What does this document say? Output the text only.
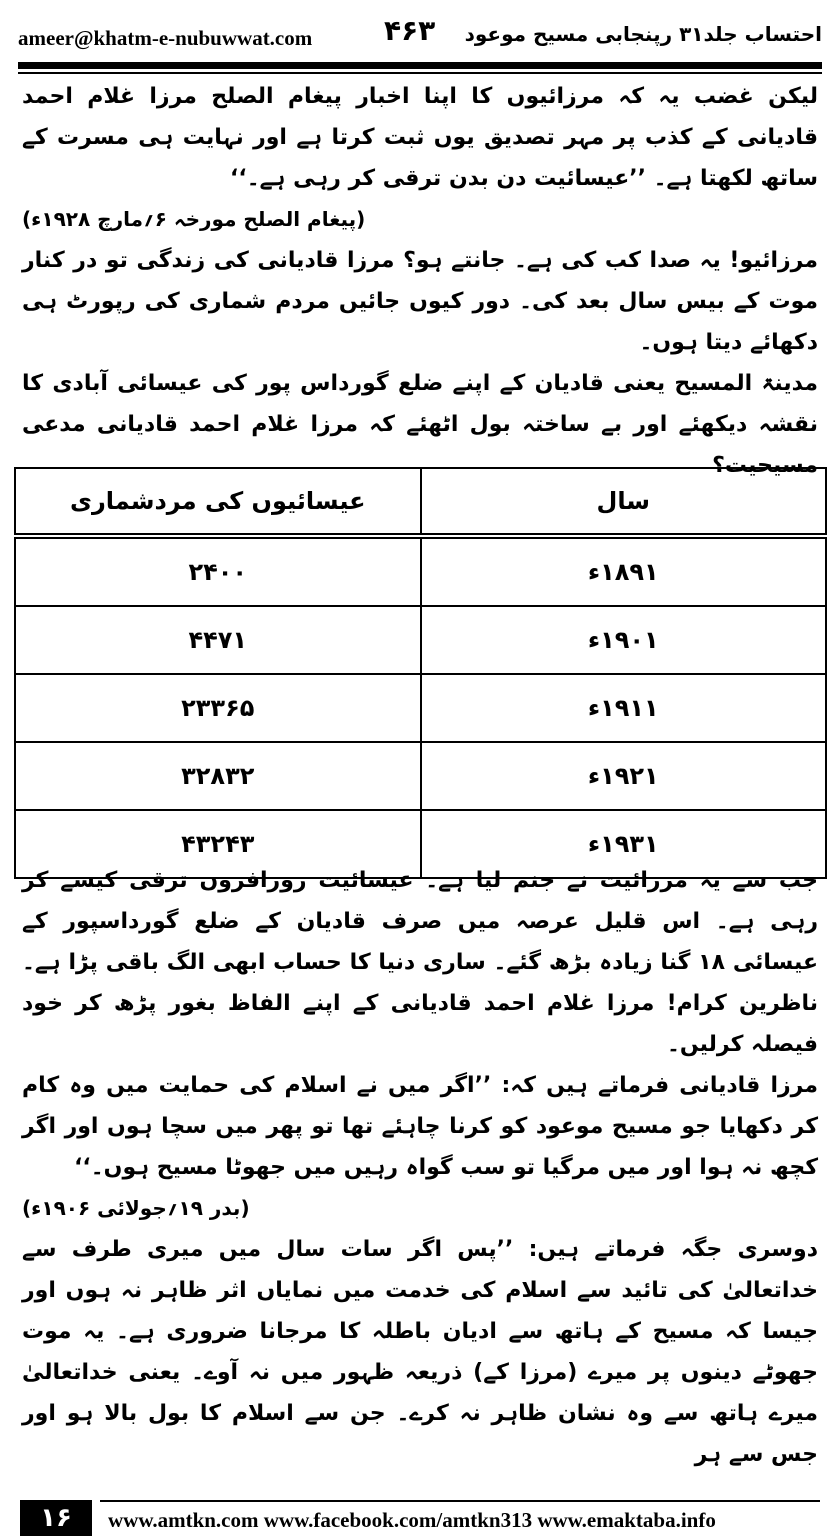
ameer@khatm-e-nubuwwat.com	۴۶۳ احتساب جلد۳۱ رپنجابی مسیح موعود

لیکن غضب یہ کہ مرزائیوں کا اپنا اخبار پیغام الصلح مرزا غلام احمد قادیانی کے کذب پر مہر تصدیق یوں ثبت کرتا ہے اور نہایت ہی مسرت کے ساتھ لکھتا ہے۔ ’’عیسائیت دن بدن ترقی کر رہی ہے۔‘‘
(پیغام الصلح مورخہ ۶؍مارچ ۱۹۲۸ء)

مرزائیو! یہ صدا کب کی ہے۔ جانتے ہو؟ مرزا قادیانی کی زندگی تو در کنار موت کے بیس سال بعد کی۔ دور کیوں جائیں مردم شماری کی رپورٹ ہی دکھائے دیتا ہوں۔

مدینۃ المسیح یعنی قادیان کے اپنے ضلع گورداس پور کی عیسائی آبادی کا نقشہ دیکھئے اور بے ساختہ بول اٹھئے کہ مرزا غلام احمد قادیانی مدعی مسیحیت؟

سال	عیسائیوں کی مردشماری
۱۸۹۱ء	۲۴۰۰
۱۹۰۱ء	۴۴۷۱
۱۹۱۱ء	۲۳۳۶۵
۱۹۲۱ء	۳۲۸۳۲
۱۹۳۱ء	۴۳۲۴۳

جب سے یہ مرزائیت نے جنم لیا ہے۔ عیسائیت روزافزوں ترقی کیسے کر رہی ہے۔ اس قلیل عرصہ میں صرف قادیان کے ضلع گورداسپور کے عیسائی ۱۸ گنا زیادہ بڑھ گئے۔ ساری دنیا کا حساب ابھی الگ باقی پڑا ہے۔ ناظرین کرام! مرزا غلام احمد قادیانی کے اپنے الفاظ بغور پڑھ کر خود فیصلہ کرلیں۔

مرزا قادیانی فرماتے ہیں کہ: ’’اگر میں نے اسلام کی حمایت میں وہ کام کر دکھایا جو مسیح موعود کو کرنا چاہئے تھا تو پھر میں سچا ہوں اور اگر کچھ نہ ہوا اور میں مرگیا تو سب گواہ رہیں میں جھوٹا مسیح ہوں۔‘‘
(بدر ۱۹؍جولائی ۱۹۰۶ء)

دوسری جگہ فرماتے ہیں: ’’پس اگر سات سال میں میری طرف سے خداتعالیٰ کی تائید سے اسلام کی خدمت میں نمایاں اثر ظاہر نہ ہوں اور جیسا کہ مسیح کے ہاتھ سے ادیان باطلہ کا مرجانا ضروری ہے۔ یہ موت جھوٹے دینوں پر میرے (مرزا کے) ذریعہ ظہور میں نہ آوے۔ یعنی خداتعالیٰ میرے ہاتھ سے وہ نشان ظاہر نہ کرے۔ جن سے اسلام کا بول بالا ہو اور جس سے ہر

۱۶	www.amtkn.com www.facebook.com/amtkn313 www.emaktaba.info
